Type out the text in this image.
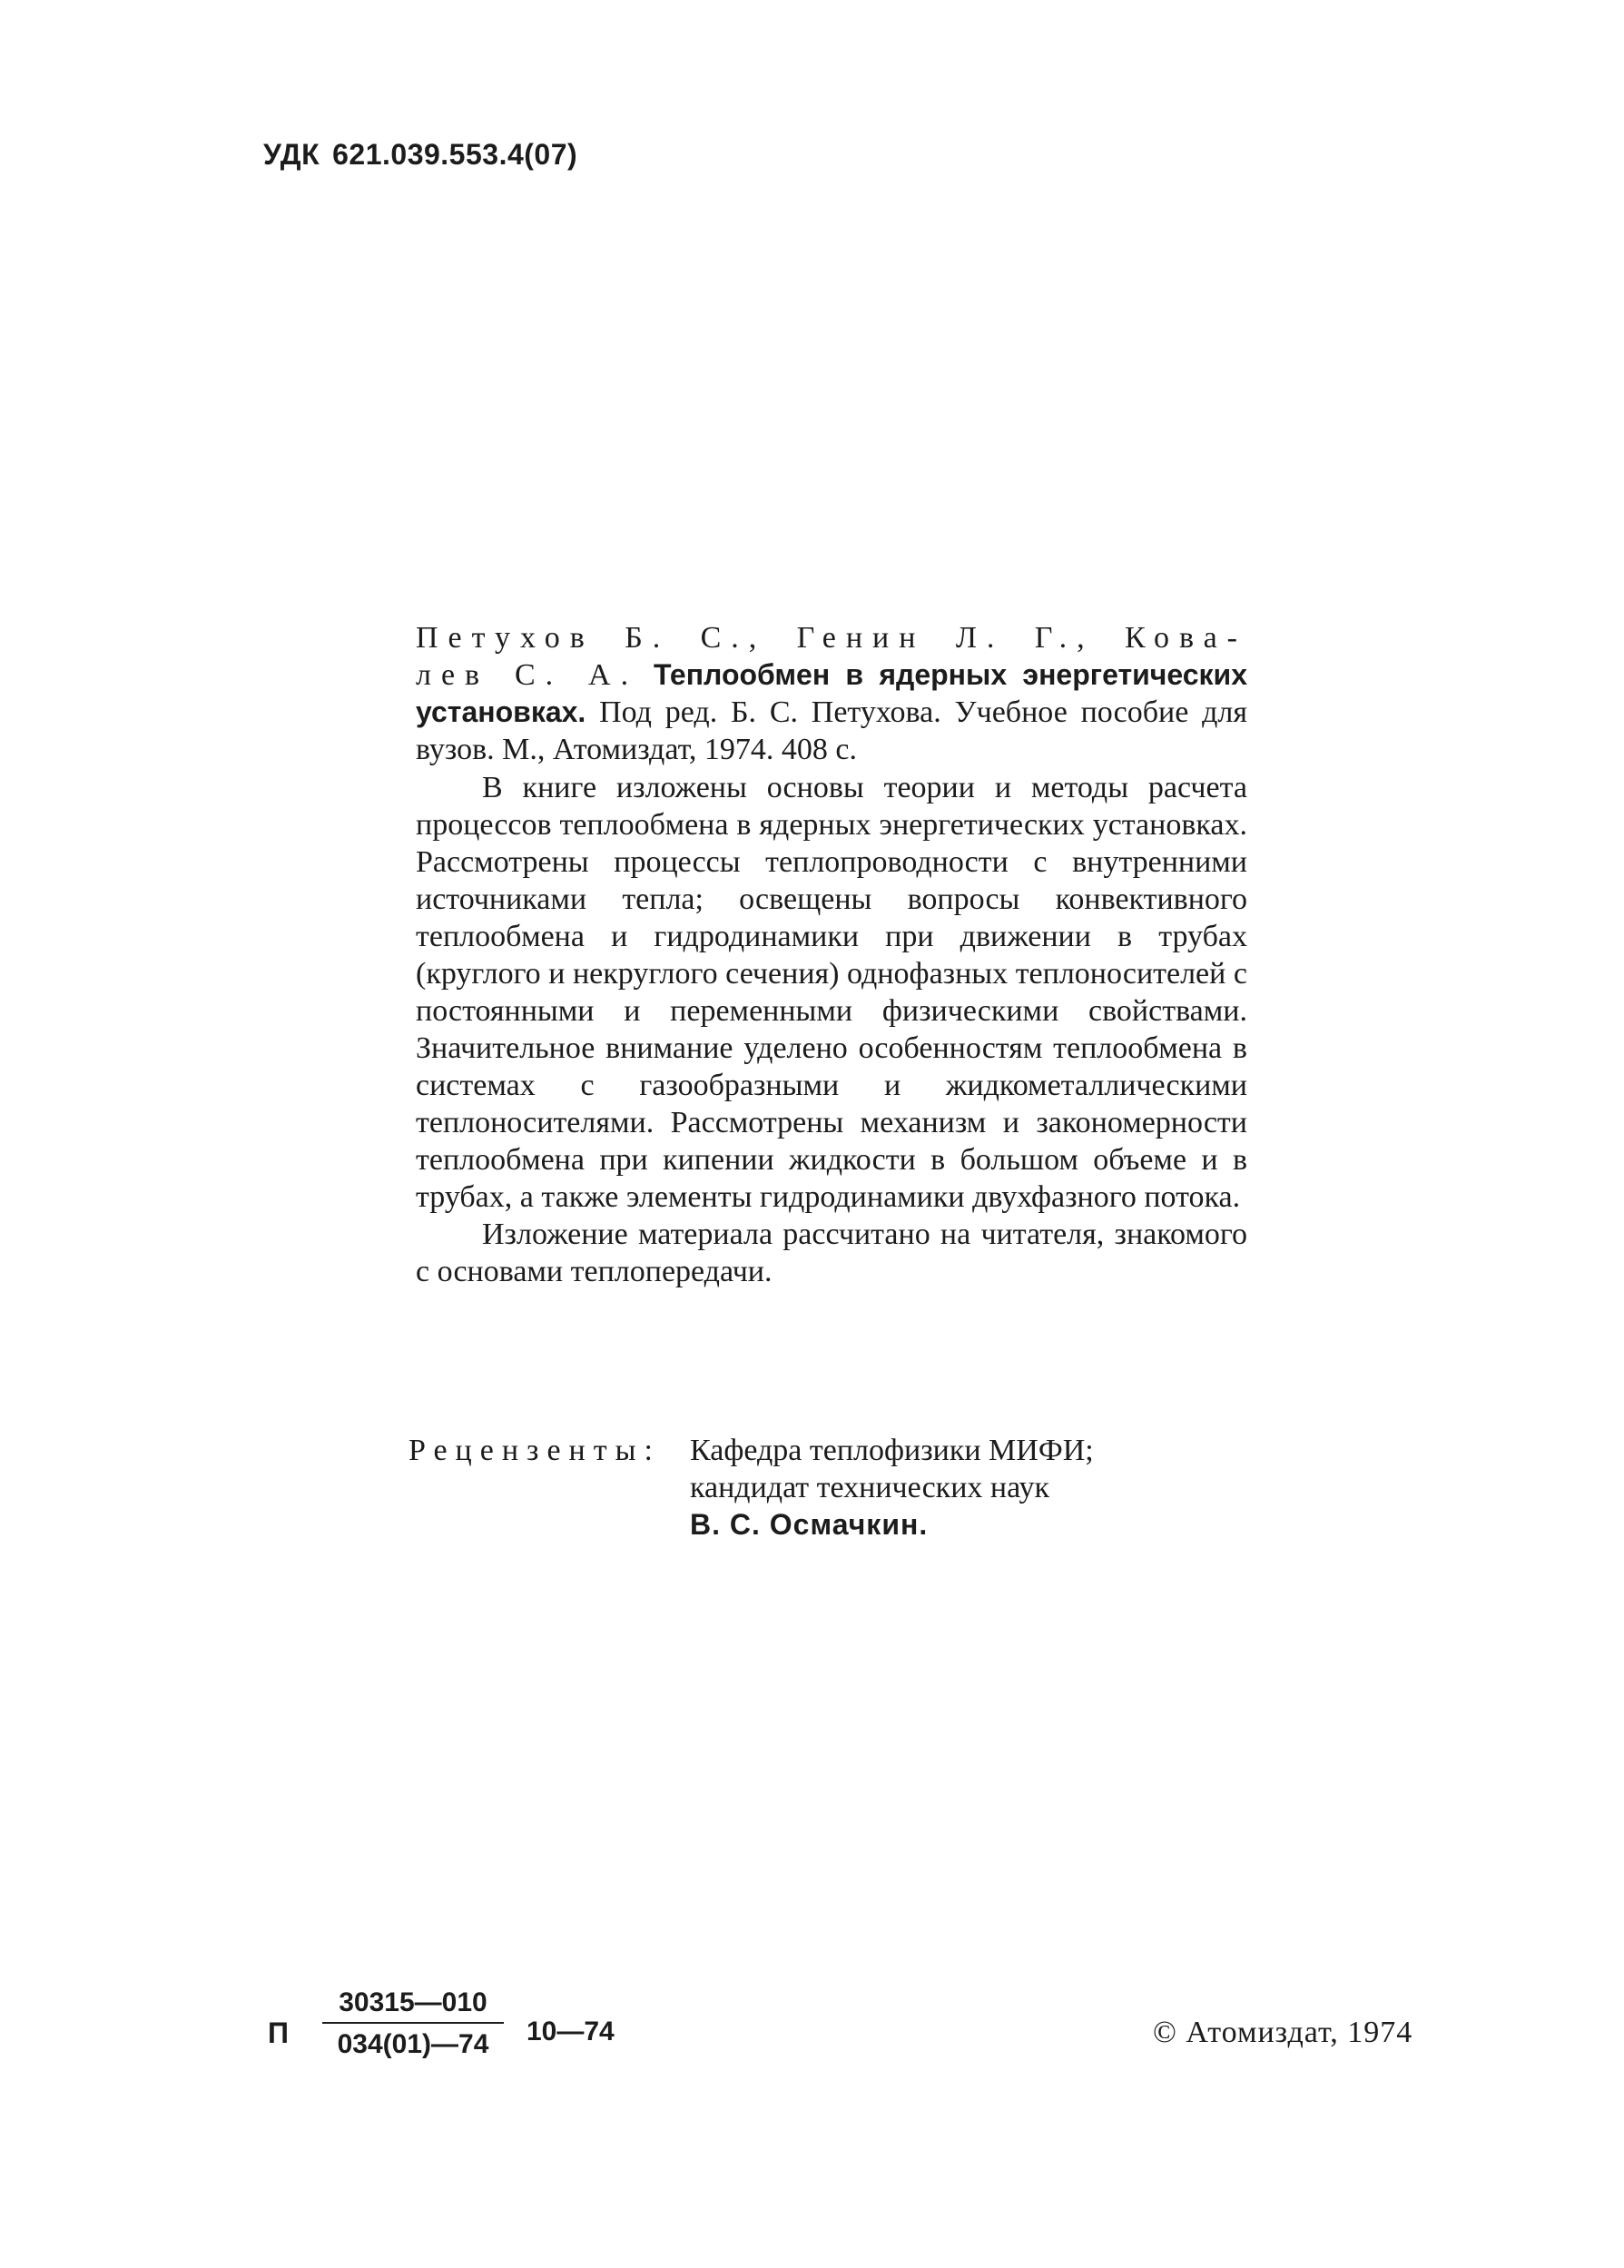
УДК 621.039.553.4(07)
Петухов Б. С., Генин Л. Г., Кова- лев С. А. Теплообмен в ядерных энергетических установках. Под ред. Б. С. Петухова. Учебное пособие для вузов. М., Атомиздат, 1974. 408 с.

В книге изложены основы теории и методы расчета процессов теплообмена в ядерных энергетических установках. Рассмотрены процессы теплопроводности с внутренними источниками тепла; освещены вопросы конвективного теплообмена и гидродинамики при движении в трубах (круглого и некруглого сечения) однофазных теплоносителей с постоянными и переменными физическими свойствами. Значительное внимание уделено особенностям теплообмена в системах с газообразными и жидкометаллическими теплоносителями. Рассмотрены механизм и закономерности теплообмена при кипении жидкости в большом объеме и в трубах, а также элементы гидродинамики двухфазного потока.

Изложение материала рассчитано на читателя, знакомого с основами теплопередачи.

Рецензенты: Кафедра теплофизики МИФИ;
кандидат технических наук
В. С. Осмачкин.
П
30315—010
034(01)—74	10—74	© Атомиздат, 1974
